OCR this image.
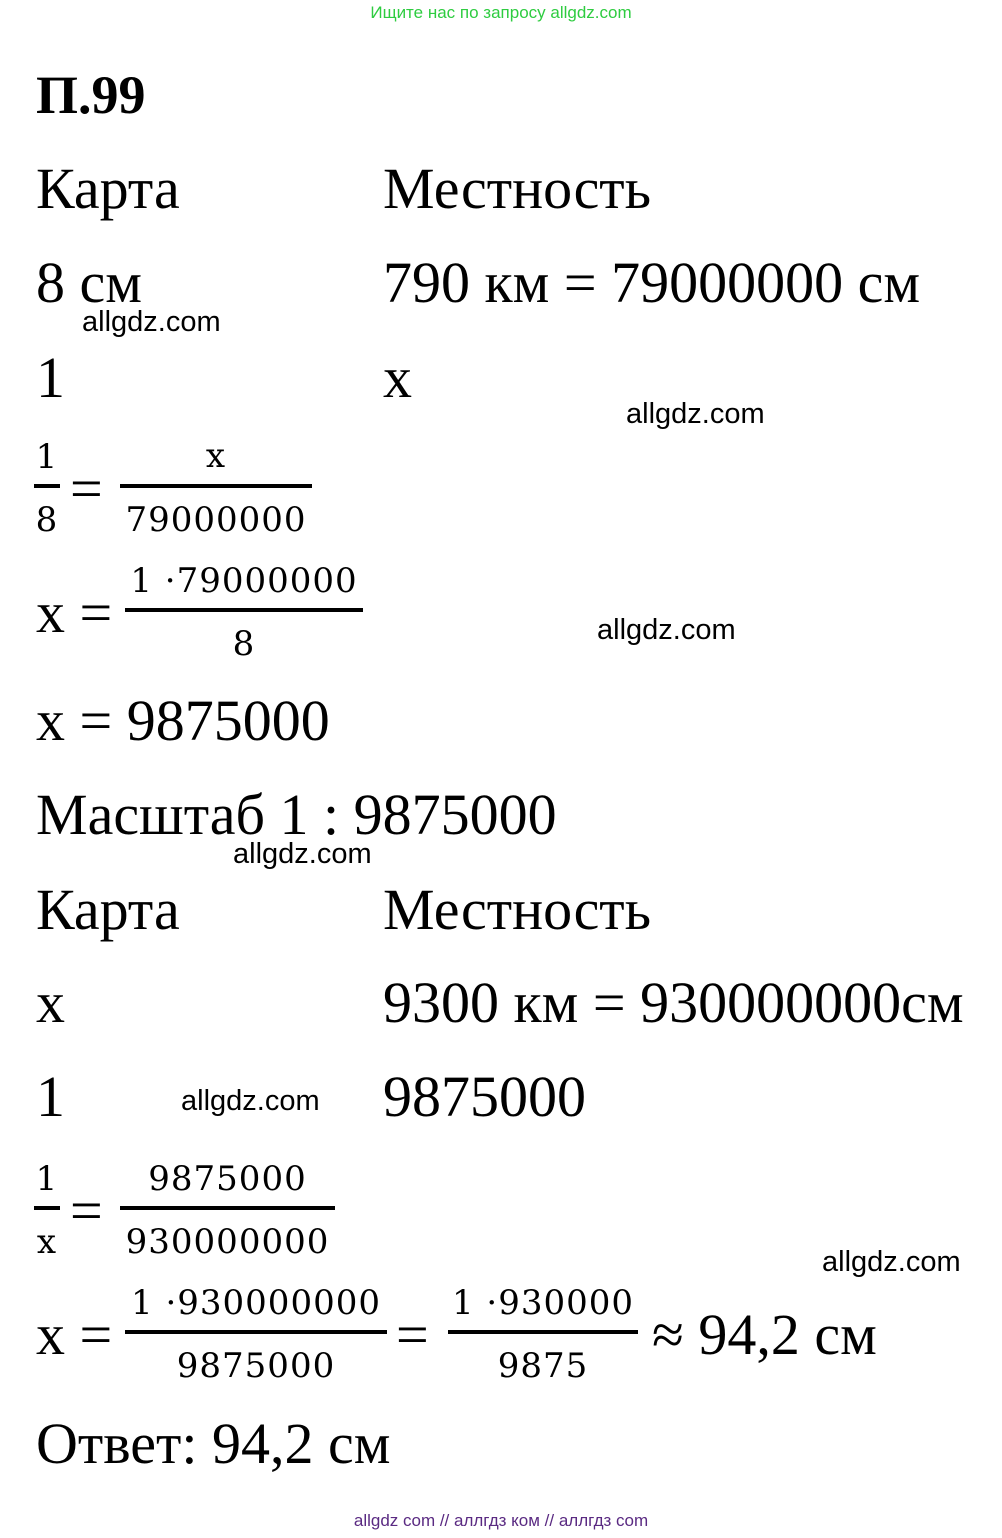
Ищите нас по запросу allgdz.com
П.99
Карта	Местность
8 см	790 км = 79000000 см
allgdz.com
1	x
allgdz.com
1
8 =	x
79000000
x = 1 ·79000000
8	allgdz.com
x = 9875000
Масштаб 1 : 9875000
allgdz.com
Карта	Местность
x	9300 км = 930000000см
1	allgdz.com 9875000
1
x =	9875000
930000000	allgdz.com
x = 1 ·930000000
9875000	= 1 ·930000
9875	≈ 94,2 см
Ответ: 94,2 см
allgdz com // аллгдз ком // аллгдз com
